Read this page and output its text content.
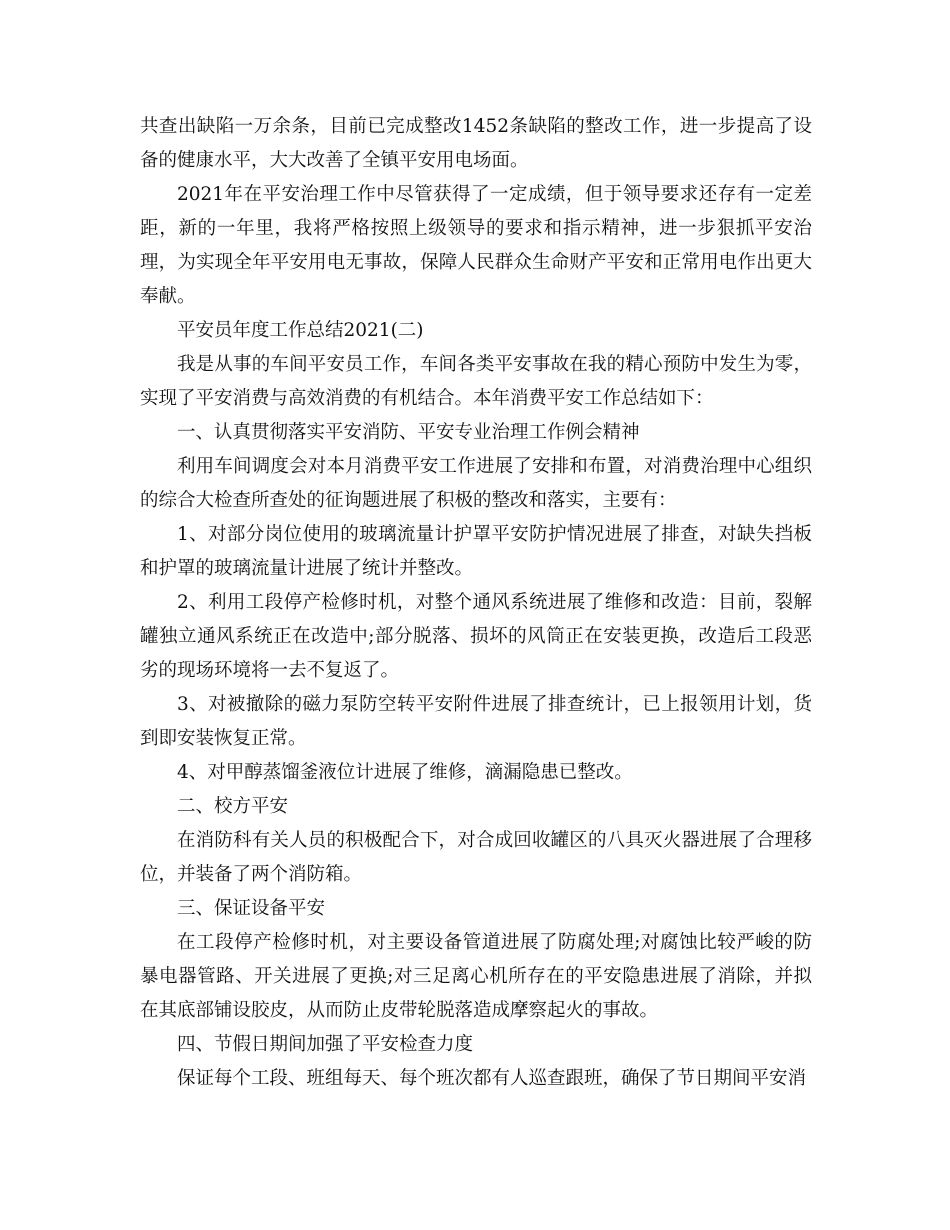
共查出缺陷一万余条，目前已完成整改1452条缺陷的整改工作，进一步提高了设备的健康水平，大大改善了全镇平安用电场面。

2021年在平安治理工作中尽管获得了一定成绩，但于领导要求还存有一定差距，新的一年里，我将严格按照上级领导的要求和指示精神，进一步狠抓平安治理，为实现全年平安用电无事故，保障人民群众生命财产平安和正常用电作出更大奉献。

平安员年度工作总结2021(二)

我是从事的车间平安员工作，车间各类平安事故在我的精心预防中发生为零，实现了平安消费与高效消费的有机结合。本年消费平安工作总结如下：

一、认真贯彻落实平安消防、平安专业治理工作例会精神

利用车间调度会对本月消费平安工作进展了安排和布置，对消费治理中心组织的综合大检查所查处的征询题进展了积极的整改和落实，主要有：

1、对部分岗位使用的玻璃流量计护罩平安防护情况进展了排查，对缺失挡板和护罩的玻璃流量计进展了统计并整改。

2、利用工段停产检修时机，对整个通风系统进展了维修和改造：目前，裂解罐独立通风系统正在改造中;部分脱落、损坏的风筒正在安装更换，改造后工段恶劣的现场环境将一去不复返了。

3、对被撤除的磁力泵防空转平安附件进展了排查统计，已上报领用计划，货到即安装恢复正常。

4、对甲醇蒸馏釜液位计进展了维修，滴漏隐患已整改。

二、校方平安

在消防科有关人员的积极配合下，对合成回收罐区的八具灭火器进展了合理移位，并装备了两个消防箱。

三、保证设备平安

在工段停产检修时机，对主要设备管道进展了防腐处理;对腐蚀比较严峻的防暴电器管路、开关进展了更换;对三足离心机所存在的平安隐患进展了消除，并拟在其底部铺设胶皮，从而防止皮带轮脱落造成摩察起火的事故。

四、节假日期间加强了平安检查力度

保证每个工段、班组每天、每个班次都有人巡查跟班，确保了节日期间平安消
